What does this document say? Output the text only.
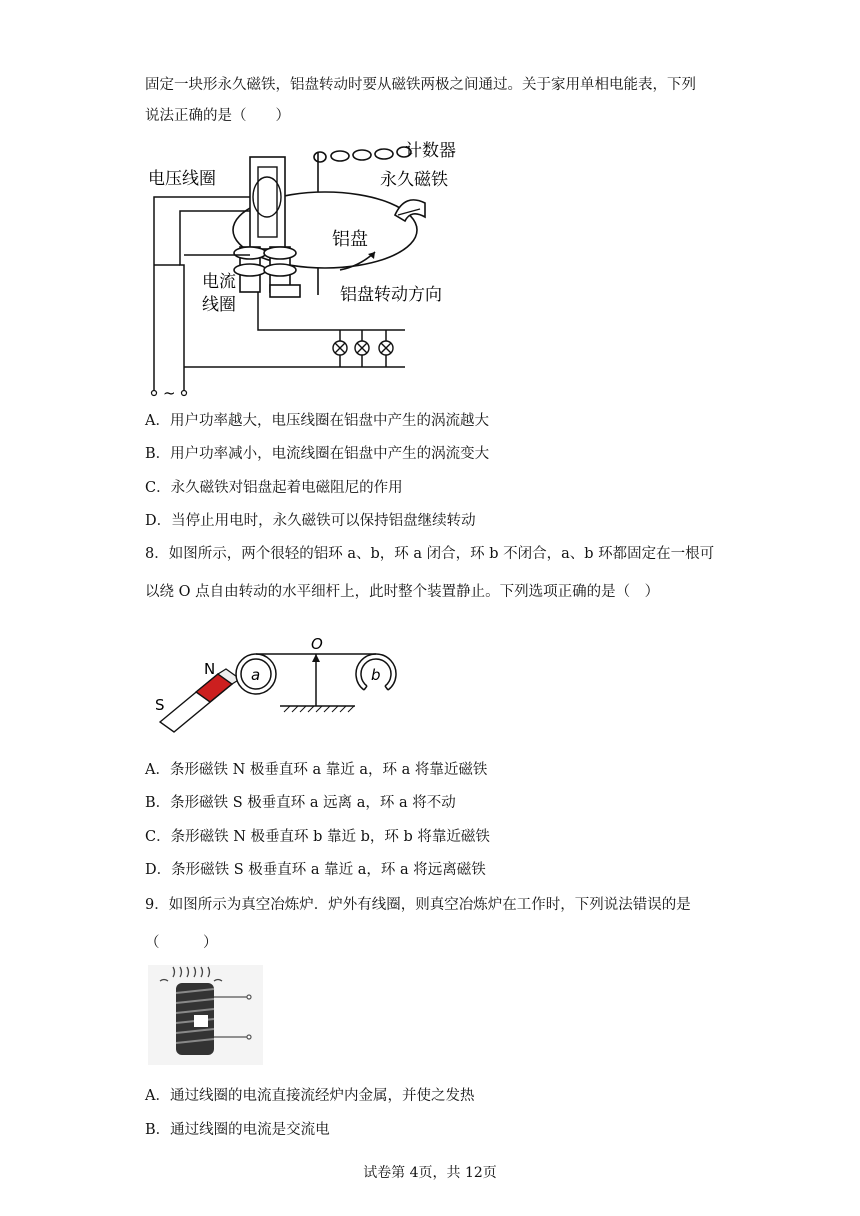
固定一块形永久磁铁，铝盘转动时要从磁铁两极之间通过。关于家用单相电能表，下列
说法正确的是（　　）
计数器
铝盘
永久磁铁
电压线圈
电流
线圈	铝盘转动方向
~
A．用户功率越大，电压线圈在铝盘中产生的涡流越大
B．用户功率减小，电流线圈在铝盘中产生的涡流变大
C．永久磁铁对铝盘起着电磁阻尼的作用
D．当停止用电时，永久磁铁可以保持铝盘继续转动
8．如图所示，两个很轻的铝环 a、b，环 a 闭合，环 b 不闭合，a、b 环都固定在一根可
以绕 O 点自由转动的水平细杆上，此时整个装置静止。下列选项正确的是（　）
N
S
a
O
b
A．条形磁铁 N 极垂直环 a 靠近 a，环 a 将靠近磁铁
B．条形磁铁 S 极垂直环 a 远离 a，环 a 将不动
C．条形磁铁 N 极垂直环 b 靠近 b，环 b 将靠近磁铁
D．条形磁铁 S 极垂直环 a 靠近 a，环 a 将远离磁铁
9．如图所示为真空冶炼炉．炉外有线圈，则真空冶炼炉在工作时，下列说法错误的是
（　　　）
A．通过线圈的电流直接流经炉内金属，并使之发热
B．通过线圈的电流是交流电
试卷第 4页，共 12页
